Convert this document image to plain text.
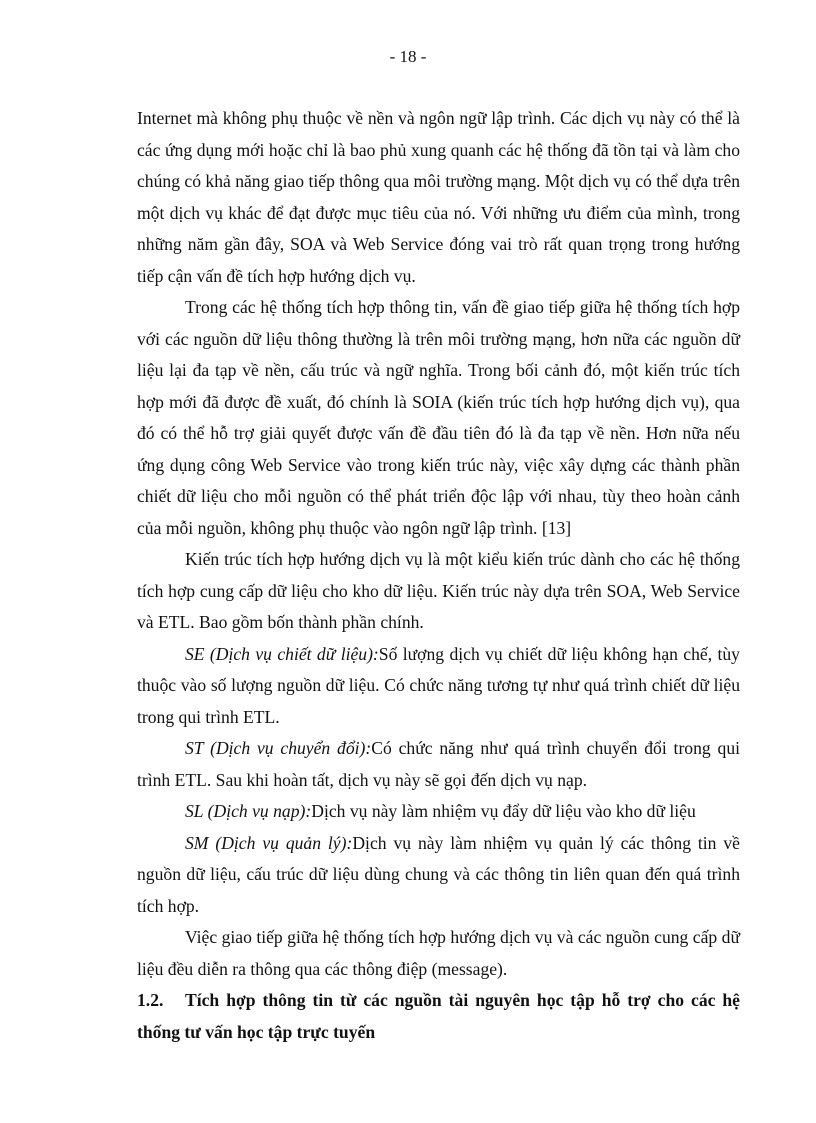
- 18 -

Internet mà không phụ thuộc về nền và ngôn ngữ lập trình. Các dịch vụ này có thể là các ứng dụng mới hoặc chỉ là bao phủ xung quanh các hệ thống đã tồn tại và làm cho chúng có khả năng giao tiếp thông qua môi trường mạng. Một dịch vụ có thể dựa trên một dịch vụ khác để đạt được mục tiêu của nó. Với những ưu điểm của mình, trong những năm gần đây, SOA và Web Service đóng vai trò rất quan trọng trong hướng tiếp cận vấn đề tích hợp hướng dịch vụ.

Trong các hệ thống tích hợp thông tin, vấn đề giao tiếp giữa hệ thống tích hợp với các nguồn dữ liệu thông thường là trên môi trường mạng, hơn nữa các nguồn dữ liệu lại đa tạp về nền, cấu trúc và ngữ nghĩa. Trong bối cảnh đó, một kiến trúc tích hợp mới đã được đề xuất, đó chính là SOIA (kiến trúc tích hợp hướng dịch vụ), qua đó có thể hỗ trợ giải quyết được vấn đề đầu tiên đó là đa tạp về nền. Hơn nữa nếu ứng dụng công Web Service vào trong kiến trúc này, việc xây dựng các thành phần chiết dữ liệu cho mỗi nguồn có thể phát triển độc lập với nhau, tùy theo hoàn cảnh của mỗi nguồn, không phụ thuộc vào ngôn ngữ lập trình. [13]

Kiến trúc tích hợp hướng dịch vụ là một kiểu kiến trúc dành cho các hệ thống tích hợp cung cấp dữ liệu cho kho dữ liệu. Kiến trúc này dựa trên SOA, Web Service và ETL. Bao gồm bốn thành phần chính.

SE (Dịch vụ chiết dữ liệu):Số lượng dịch vụ chiết dữ liệu không hạn chế, tùy thuộc vào số lượng nguồn dữ liệu. Có chức năng tương tự như quá trình chiết dữ liệu trong qui trình ETL.

ST (Dịch vụ chuyển đổi):Có chức năng như quá trình chuyển đổi trong qui trình ETL. Sau khi hoàn tất, dịch vụ này sẽ gọi đến dịch vụ nạp.

SL (Dịch vụ nạp):Dịch vụ này làm nhiệm vụ đẩy dữ liệu vào kho dữ liệu

SM (Dịch vụ quản lý):Dịch vụ này làm nhiệm vụ quản lý các thông tin về nguồn dữ liệu, cấu trúc dữ liệu dùng chung và các thông tin liên quan đến quá trình tích hợp.

Việc giao tiếp giữa hệ thống tích hợp hướng dịch vụ và các nguồn cung cấp dữ liệu đều diễn ra thông qua các thông điệp (message).

1.2. Tích hợp thông tin từ các nguồn tài nguyên học tập hỗ trợ cho các hệ thống tư vấn học tập trực tuyến
